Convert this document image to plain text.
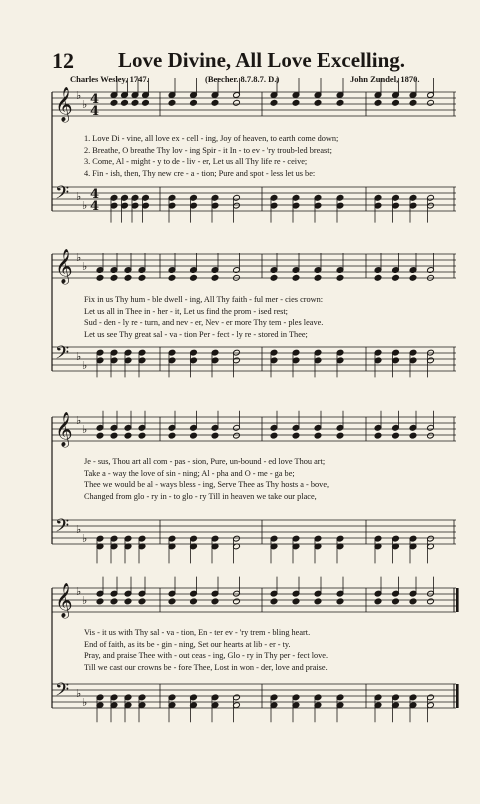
12 Love Divine, All Love Excelling.
Charles Wesley, 1747.	(Beecher. 8.7.8.7. D.)	John Zundel, 1870.
𝄞 ♭
♭ 4
4
𝄢 ♭
♭
4
4
1. Love Di - vine, all love ex - cell - ing, Joy of heaven, to earth come down;
2. Breathe, O breathe Thy lov - ing Spir - it In - to ev - 'ry troub-led breast;
3. Come, Al - might - y to de - liv - er, Let us all Thy life re - ceive;
4. Fin - ish, then, Thy new cre - a - tion; Pure and spot - less let us be:
𝄞 ♭
♭
𝄢 ♭
♭
Fix in us Thy hum - ble dwell - ing, All Thy faith - ful mer - cies crown:
Let us all in Thee in - her - it, Let us find the prom - ised rest;
Sud - den - ly re - turn, and nev - er, Nev - er more Thy tem - ples leave.
Let us see Thy great sal - va - tion Per - fect - ly re - stored in Thee;
𝄞 ♭
♭
𝄢 ♭
♭
Je - sus, Thou art all com - pas - sion, Pure, un-bound - ed love Thou art;
Take a - way the love of sin - ning; Al - pha and O - me - ga be;
Thee we would be al - ways bless - ing, Serve Thee as Thy hosts a - bove,
Changed from glo - ry in - to glo - ry Till in heaven we take our place,
𝄞 ♭
♭
𝄢 ♭
♭
Vis - it us with Thy sal - va - tion, En - ter ev - 'ry trem - bling heart.
End of faith, as its be - gin - ning, Set our hearts at lib - er - ty.
Pray, and praise Thee with - out ceas - ing, Glo - ry in Thy per - fect love.
Till we cast our crowns be - fore Thee, Lost in won - der, love and praise.
